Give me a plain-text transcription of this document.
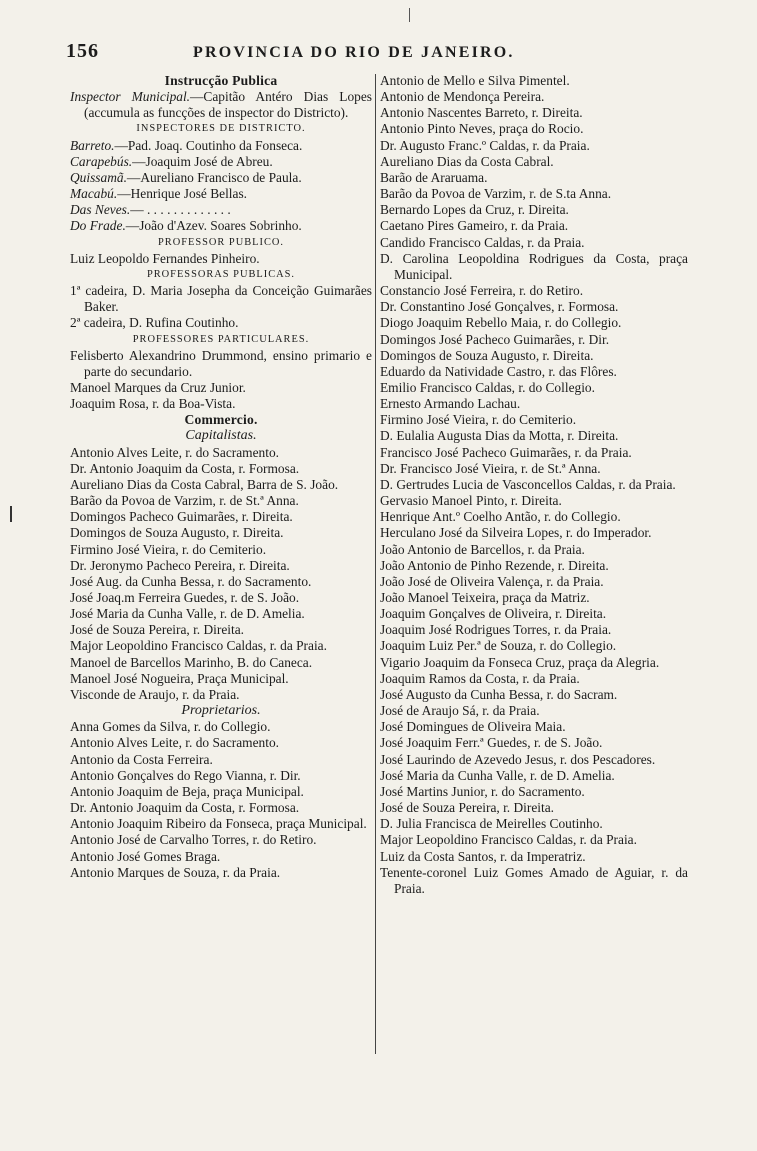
156	PROVINCIA DO RIO DE JANEIRO.
Instrucção Publica
Inspector Municipal.—Capitão Antéro Dias Lopes (accumula as funcções de inspector do Districto).
INSPECTORES DE DISTRICTO.
Barreto.—Pad. Joaq. Coutinho da Fonseca.
Carapebús.—Joaquim José de Abreu.
Quissamã.—Aureliano Francisco de Paula.
Macabú.—Henrique José Bellas.
Das Neves.— . . . . . . . . . . . . .
Do Frade.—João d'Azev. Soares Sobrinho.
PROFESSOR PUBLICO.
Luiz Leopoldo Fernandes Pinheiro.
PROFESSORAS PUBLICAS.
1ª cadeira, D. Maria Josepha da Conceição Guimarães Baker.
2ª cadeira, D. Rufina Coutinho.
PROFESSORES PARTICULARES.
Felisberto Alexandrino Drummond, ensino primario e parte do secundario.
Manoel Marques da Cruz Junior.
Joaquim Rosa, r. da Boa-Vista.
Commercio.
Capitalistas.
Antonio Alves Leite, r. do Sacramento.
Dr. Antonio Joaquim da Costa, r. Formosa.
Aureliano Dias da Costa Cabral, Barra de S. João.
Barão da Povoa de Varzim, r. de St.ª Anna.
Domingos Pacheco Guimarães, r. Direita.
Domingos de Souza Augusto, r. Direita.
Firmino José Vieira, r. do Cemiterio.
Dr. Jeronymo Pacheco Pereira, r. Direita.
José Aug. da Cunha Bessa, r. do Sacramento.
José Joaq.m Ferreira Guedes, r. de S. João.
José Maria da Cunha Valle, r. de D. Amelia.
José de Souza Pereira, r. Direita.
Major Leopoldino Francisco Caldas, r. da Praia.
Manoel de Barcellos Marinho, B. do Caneca.
Manoel José Nogueira, Praça Municipal.
Visconde de Araujo, r. da Praia.
Proprietarios.
Anna Gomes da Silva, r. do Collegio.
Antonio Alves Leite, r. do Sacramento.
Antonio da Costa Ferreira.
Antonio Gonçalves do Rego Vianna, r. Dir.
Antonio Joaquim de Beja, praça Municipal.
Dr. Antonio Joaquim da Costa, r. Formosa.
Antonio Joaquim Ribeiro da Fonseca, praça Municipal.
Antonio José de Carvalho Torres, r. do Retiro.
Antonio José Gomes Braga.
Antonio Marques de Souza, r. da Praia.
Antonio de Mello e Silva Pimentel.
Antonio de Mendonça Pereira.
Antonio Nascentes Barreto, r. Direita.
Antonio Pinto Neves, praça do Rocio.
Dr. Augusto Franc.º Caldas, r. da Praia.
Aureliano Dias da Costa Cabral.
Barão de Araruama.
Barão da Povoa de Varzim, r. de S.ta Anna.
Bernardo Lopes da Cruz, r. Direita.
Caetano Pires Gameiro, r. da Praia.
Candido Francisco Caldas, r. da Praia.
D. Carolina Leopoldina Rodrigues da Costa, praça Municipal.
Constancio José Ferreira, r. do Retiro.
Dr. Constantino José Gonçalves, r. Formosa.
Diogo Joaquim Rebello Maia, r. do Collegio.
Domingos José Pacheco Guimarães, r. Dir.
Domingos de Souza Augusto, r. Direita.
Eduardo da Natividade Castro, r. das Flôres.
Emilio Francisco Caldas, r. do Collegio.
Ernesto Armando Lachau.
Firmino José Vieira, r. do Cemiterio.
D. Eulalia Augusta Dias da Motta, r. Direita.
Francisco José Pacheco Guimarães, r. da Praia.
Dr. Francisco José Vieira, r. de St.ª Anna.
D. Gertrudes Lucia de Vasconcellos Caldas, r. da Praia.
Gervasio Manoel Pinto, r. Direita.
Henrique Ant.º Coelho Antão, r. do Collegio.
Herculano José da Silveira Lopes, r. do Imperador.
João Antonio de Barcellos, r. da Praia.
João Antonio de Pinho Rezende, r. Direita.
João José de Oliveira Valença, r. da Praia.
João Manoel Teixeira, praça da Matriz.
Joaquim Gonçalves de Oliveira, r. Direita.
Joaquim José Rodrigues Torres, r. da Praia.
Joaquim Luiz Per.ª de Souza, r. do Collegio.
Vigario Joaquim da Fonseca Cruz, praça da Alegria.
Joaquim Ramos da Costa, r. da Praia.
José Augusto da Cunha Bessa, r. do Sacram.
José de Araujo Sá, r. da Praia.
José Domingues de Oliveira Maia.
José Joaquim Ferr.ª Guedes, r. de S. João.
José Laurindo de Azevedo Jesus, r. dos Pescadores.
José Maria da Cunha Valle, r. de D. Amelia.
José Martins Junior, r. do Sacramento.
José de Souza Pereira, r. Direita.
D. Julia Francisca de Meirelles Coutinho.
Major Leopoldino Francisco Caldas, r. da Praia.
Luiz da Costa Santos, r. da Imperatriz.
Tenente-coronel Luiz Gomes Amado de Aguiar, r. da Praia.
